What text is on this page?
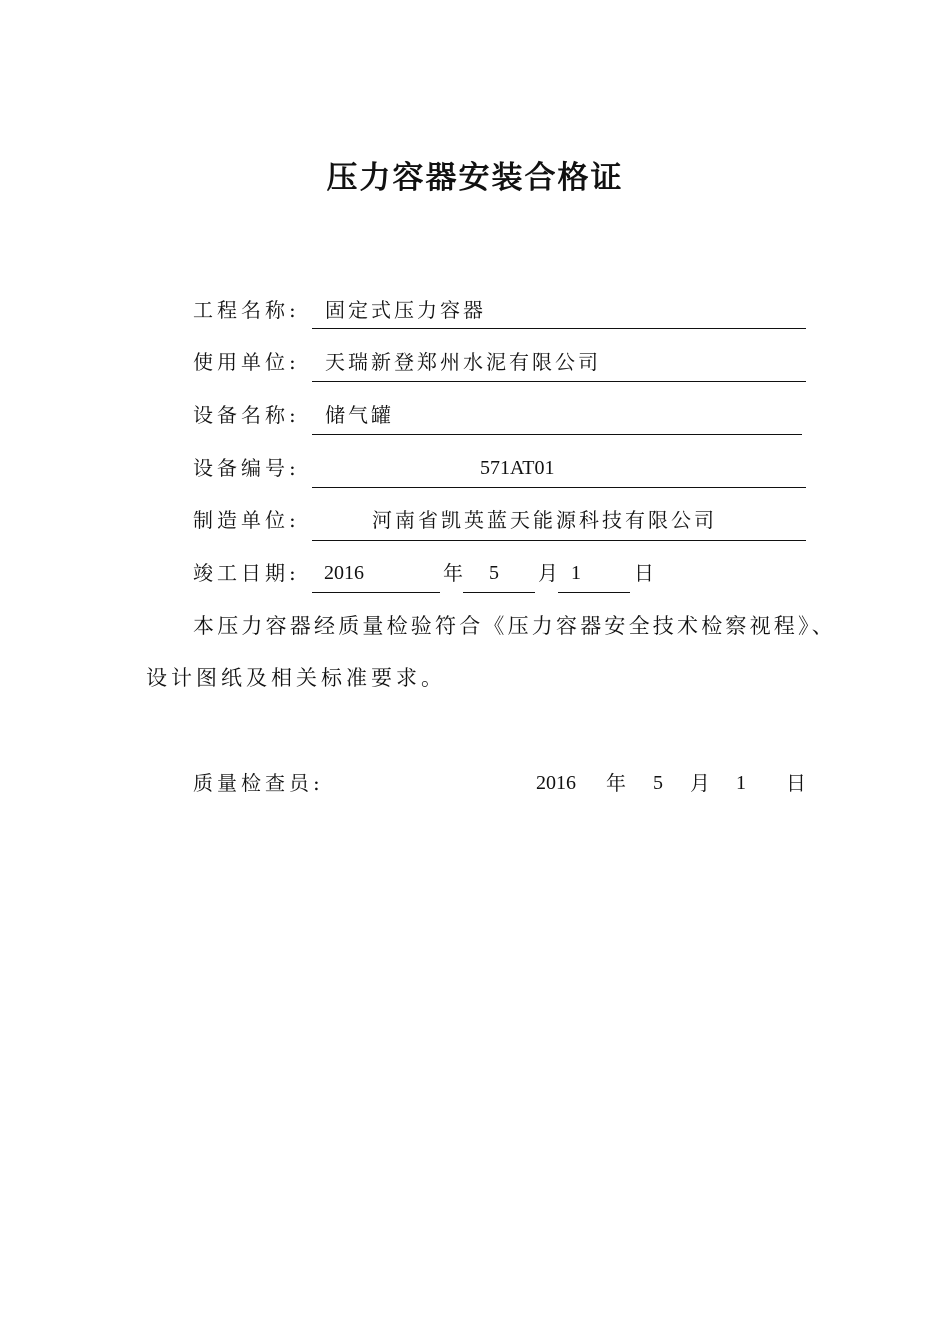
压力容器安装合格证
工程名称: 固定式压力容器
使用单位: 天瑞新登郑州水泥有限公司
设备名称: 储气罐
设备编号:	571AT01
制造单位:	河南省凯英蓝天能源科技有限公司
竣工日期: 2016	年 5 月 1	日
本压力容器经质量检验符合《压力容器安全技术检察视程》、
设计图纸及相关标准要求。
质量检查员:	2016 年 5 月 1 日
